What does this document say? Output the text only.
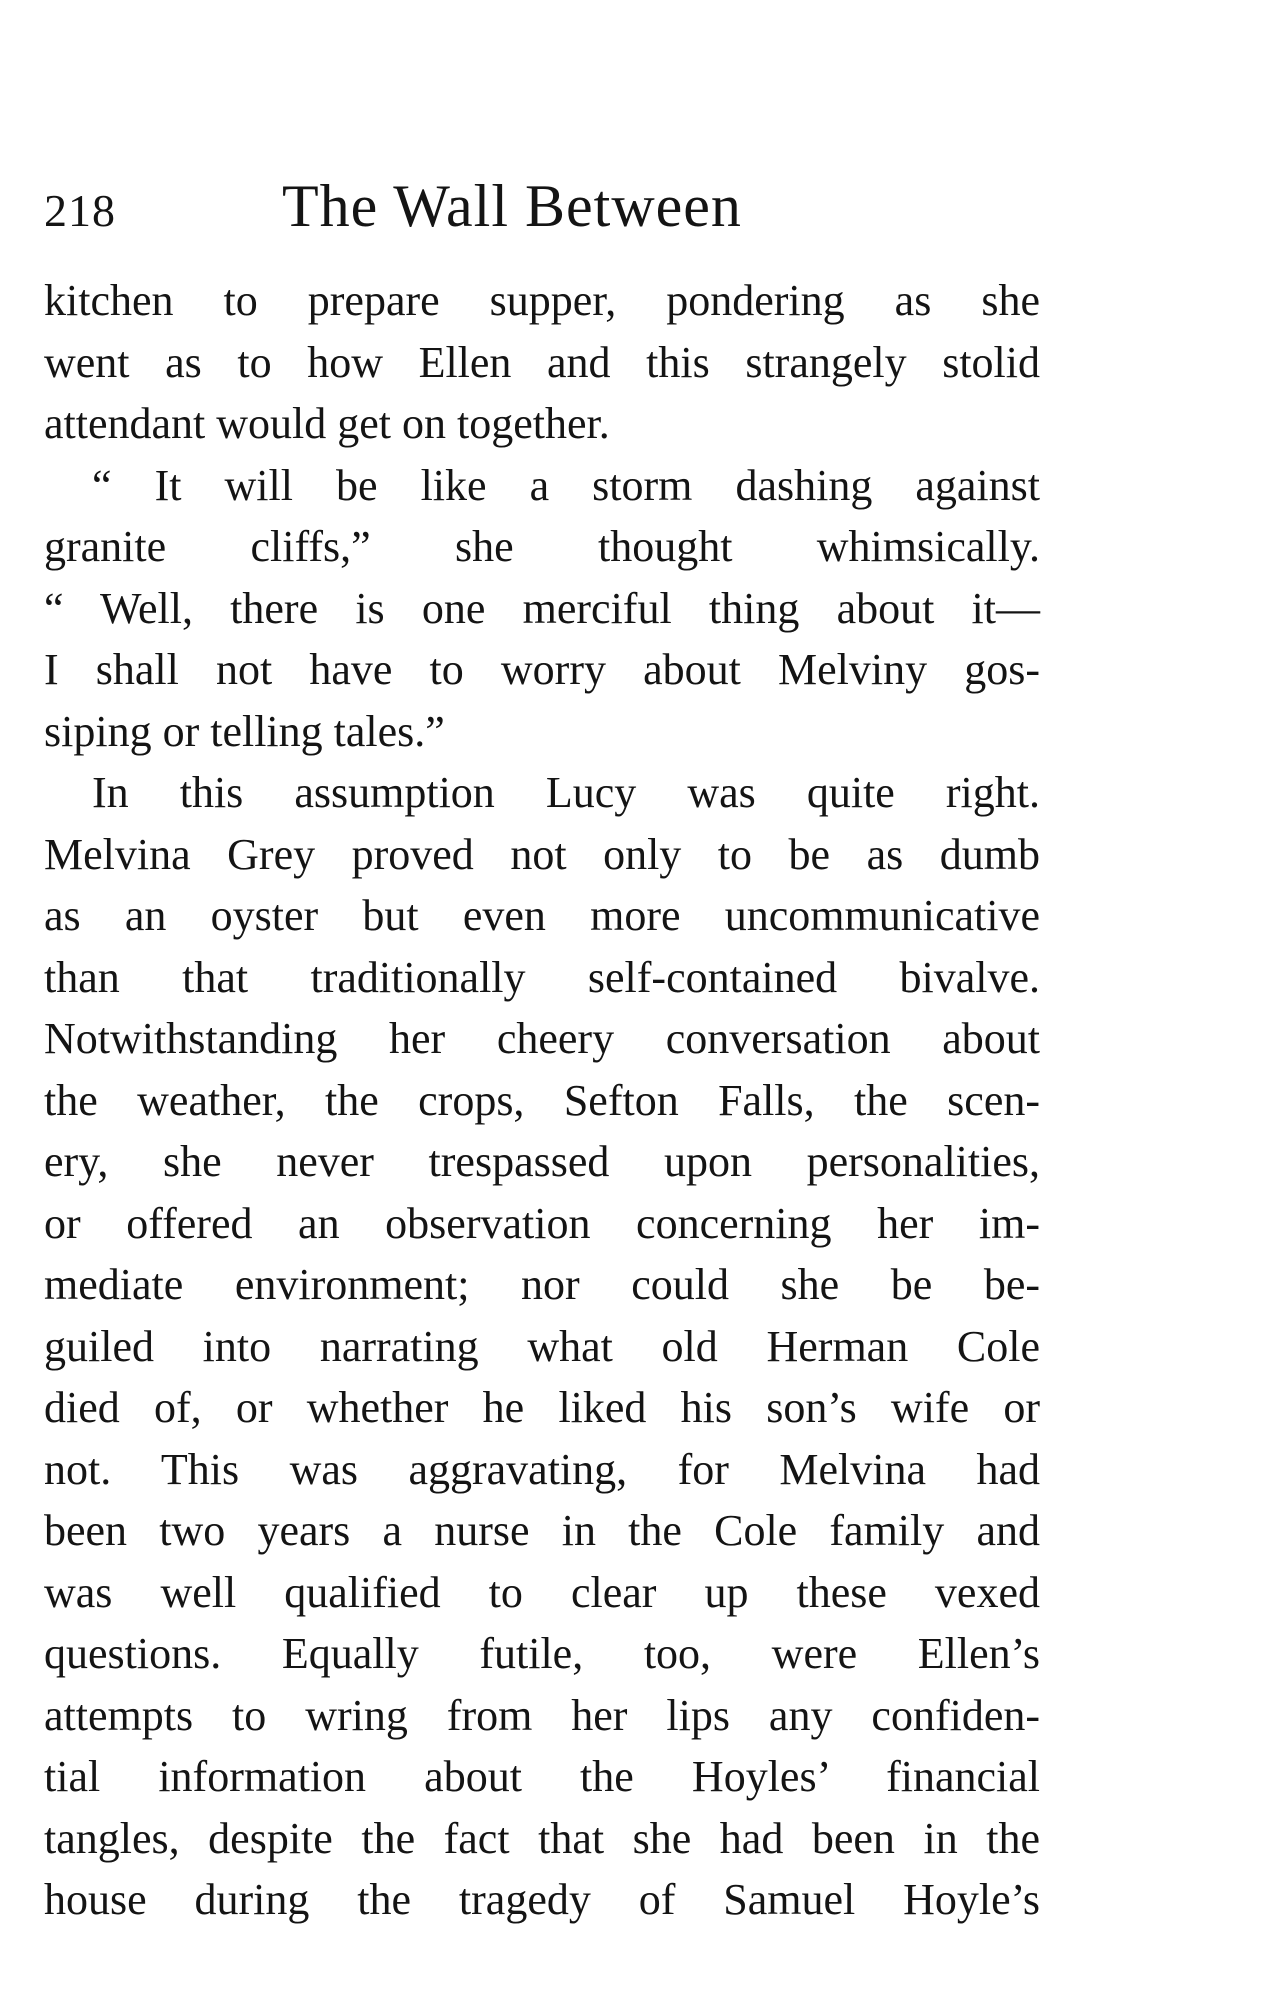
218	The Wall Between
kitchen to prepare supper, pondering as she
went as to how Ellen and this strangely stolid
attendant would get on together.
“ It will be like a storm dashing against
granite cliffs,” she thought whimsically.
“ Well, there is one merciful thing about it—
I shall not have to worry about Melviny gos-
siping or telling tales.”
In this assumption Lucy was quite right.
Melvina Grey proved not only to be as dumb
as an oyster but even more uncommunicative
than that traditionally self-contained bivalve.
Notwithstanding her cheery conversation about
the weather, the crops, Sefton Falls, the scen-
ery, she never trespassed upon personalities,
or offered an observation concerning her im-
mediate environment; nor could she be be-
guiled into narrating what old Herman Cole
died of, or whether he liked his son’s wife or
not. This was aggravating, for Melvina had
been two years a nurse in the Cole family and
was well qualified to clear up these vexed
questions. Equally futile, too, were Ellen’s
attempts to wring from her lips any confiden-
tial information about the Hoyles’ financial
tangles, despite the fact that she had been in the
house during the tragedy of Samuel Hoyle’s
